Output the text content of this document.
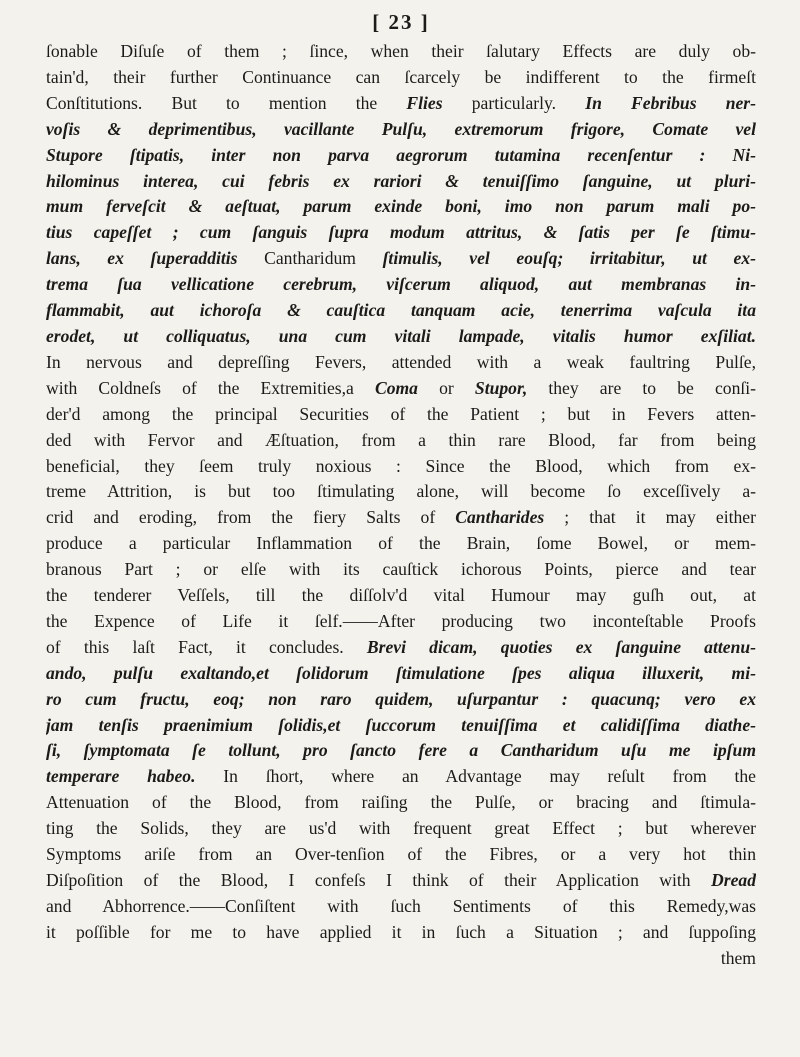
[ 23 ]
ſonable Diſuſe of them ; ſince, when their ſalutary Effects are duly ob-
tain'd, their further Continuance can ſcarcely be indifferent to the firmeſt
Conſtitutions. But to mention the Flies particularly. In Febribus ner-
voſis & deprimentibus, vacillante Pulſu, extremorum frigore, Comate vel
Stupore ſtipatis, inter non parva aegrorum tutamina recenſentur : Ni-
hilominus interea, cui febris ex rariori & tenuiſſimo ſanguine, ut pluri-
mum ferveſcit & aeſtuat, parum exinde boni, imo non parum mali po-
tius capeſſet ; cum ſanguis ſupra modum attritus, & ſatis per ſe ſtimu-
lans, ex ſuperadditis Cantharidum ſtimulis, vel eouſq; irritabitur, ut ex-
trema ſua vellicatione cerebrum, viſcerum aliquod, aut membranas in-
flammabit, aut ichoroſa & cauſtica tanquam acie, tenerrima vaſcula ita
erodet, ut colliquatus, una cum vitali lampade, vitalis humor exſiliat.
In nervous and depreſſing Fevers, attended with a weak faultring Pulſe,
with Coldneſs of the Extremities,a Coma or Stupor, they are to be conſi-
der'd among the principal Securities of the Patient ; but in Fevers atten-
ded with Fervor and Æſtuation, from a thin rare Blood, far from being
beneficial, they ſeem truly noxious : Since the Blood, which from ex-
treme Attrition, is but too ſtimulating alone, will become ſo exceſſively a-
crid and eroding, from the fiery Salts of Cantharides ; that it may either
produce a particular Inflammation of the Brain, ſome Bowel, or mem-
branous Part ; or elſe with its cauſtick ichorous Points, pierce and tear
the tenderer Veſſels, till the diſſolv'd vital Humour may guſh out, at
the Expence of Life it ſelf.——After producing two inconteſtable Proofs
of this laſt Fact, it concludes. Brevi dicam, quoties ex ſanguine attenu-
ando, pulſu exaltando,et ſolidorum ſtimulatione ſpes aliqua illuxerit, mi-
ro cum fructu, eoq; non raro quidem, uſurpantur : quacunq; vero ex
jam tenſis praenimium ſolidis,et ſuccorum tenuiſſima et calidiſſima diathe-
ſi, ſymptomata ſe tollunt, pro ſancto fere a Cantharidum uſu me ipſum
temperare habeo. In ſhort, where an Advantage may reſult from the
Attenuation of the Blood, from raiſing the Pulſe, or bracing and ſtimula-
ting the Solids, they are us'd with frequent great Effect ; but wherever
Symptoms ariſe from an Over-tenſion of the Fibres, or a very hot thin
Diſpoſition of the Blood, I confeſs I think of their Application with Dread
and Abhorrence.——Conſiſtent with ſuch Sentiments of this Remedy,was
it poſſible for me to have applied it in ſuch a Situation ; and ſuppoſing
them
